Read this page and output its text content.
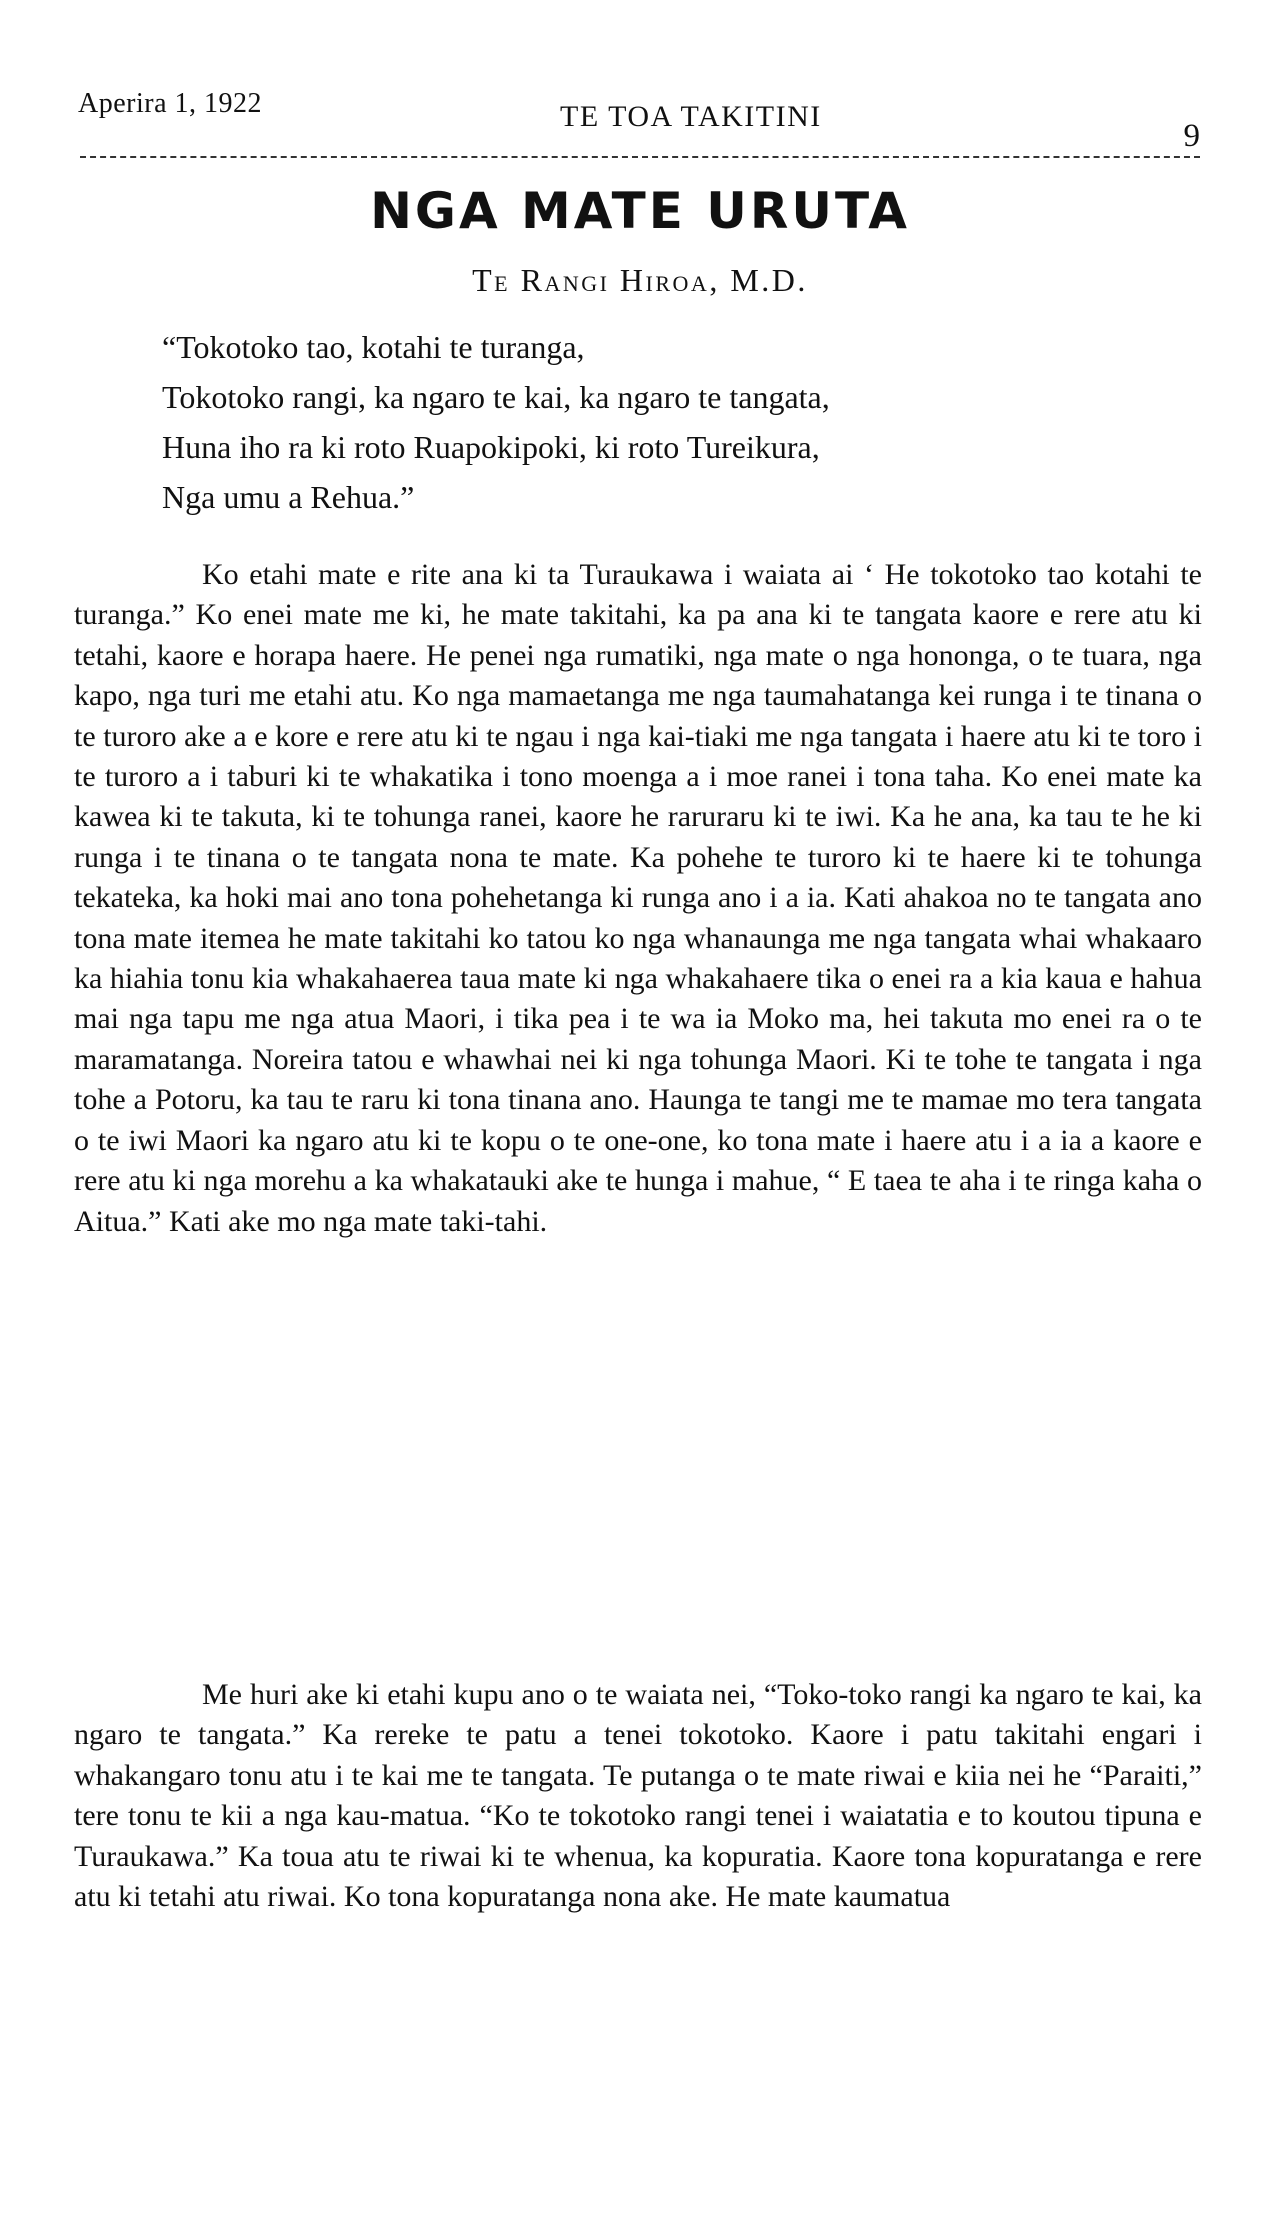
Aperira 1, 1922	TE TOA TAKITINI
9
NGA MATE URUTA

Te Rangi Hiroa, M.D.

“Tokotoko tao, kotahi te turanga,
Tokotoko rangi, ka ngaro te kai, ka ngaro te tangata,
Huna iho ra ki roto Ruapokipoki, ki roto Tureikura,
Nga umu a Rehua.”

Ko etahi mate e rite ana ki ta Turaukawa i waiata ai ‘ He tokotoko tao kotahi te turanga.” Ko enei mate me ki, he mate takitahi, ka pa ana ki te tangata kaore e rere atu ki tetahi, kaore e horapa haere. He penei nga rumatiki, nga mate o nga hononga, o te tuara, nga kapo, nga turi me etahi atu. Ko nga mamaetanga me nga taumahatanga kei runga i te tinana o te turoro ake a e kore e rere atu ki te ngau i nga kai-tiaki me nga tangata i haere atu ki te toro i te turoro a i taburi ki te whakatika i tono moenga a i moe ranei i tona taha. Ko enei mate ka kawea ki te takuta, ki te tohunga ranei, kaore he raruraru ki te iwi. Ka he ana, ka tau te he ki runga i te tinana o te tangata nona te mate. Ka pohehe te turoro ki te haere ki te tohunga tekateka, ka hoki mai ano tona pohehetanga ki runga ano i a ia. Kati ahakoa no te tangata ano tona mate itemea he mate takitahi ko tatou ko nga whanaunga me nga tangata whai whakaaro ka hiahia tonu kia whakahaerea taua mate ki nga whakahaere tika o enei ra a kia kaua e hahua mai nga tapu me nga atua Maori, i tika pea i te wa ia Moko ma, hei takuta mo enei ra o te maramatanga. Noreira tatou e whawhai nei ki nga tohunga Maori. Ki te tohe te tangata i nga tohe a Potoru, ka tau te raru ki tona tinana ano. Haunga te tangi me te mamae mo tera tangata o te iwi Maori ka ngaro atu ki te kopu o te one-one, ko tona mate i haere atu i a ia a kaore e rere atu ki nga morehu a ka whakatauki ake te hunga i mahue, “ E taea te aha i te ringa kaha o Aitua.” Kati ake mo nga mate taki-tahi.

Me huri ake ki etahi kupu ano o te waiata nei, “Toko-toko rangi ka ngaro te kai, ka ngaro te tangata.” Ka rereke te patu a tenei tokotoko. Kaore i patu takitahi engari i whakangaro tonu atu i te kai me te tangata. Te putanga o te mate riwai e kiia nei he “Paraiti,” tere tonu te kii a nga kau-matua. “Ko te tokotoko rangi tenei i waiatatia e to koutou tipuna e Turaukawa.” Ka toua atu te riwai ki te whenua, ka kopuratia. Kaore tona kopuratanga e rere atu ki tetahi atu riwai. Ko tona kopuratanga nona ake. He mate kaumatua
